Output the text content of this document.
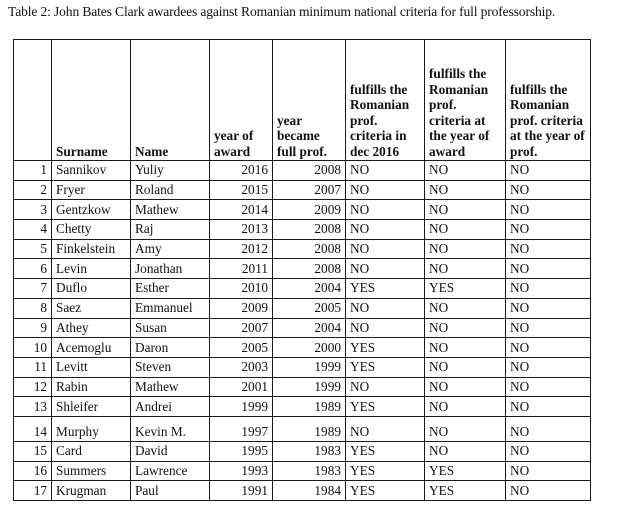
Table 2: John Bates Clark awardees against Romanian minimum national criteria for full professorship.
	Surname	Name	year of award	year became full prof.	fulfills the Romanian prof. criteria in dec 2016	fulfills the Romanian prof. criteria at the year of award	fulfills the Romanian prof. criteria at the year of prof.
1	Sannikov	Yuliy	2016	2008	NO	NO	NO
2	Fryer	Roland	2015	2007	NO	NO	NO
3	Gentzkow	Mathew	2014	2009	NO	NO	NO
4	Chetty	Raj	2013	2008	NO	NO	NO
5	Finkelstein	Amy	2012	2008	NO	NO	NO
6	Levin	Jonathan	2011	2008	NO	NO	NO
7	Duflo	Esther	2010	2004	YES	YES	NO
8	Saez	Emmanuel	2009	2005	NO	NO	NO
9	Athey	Susan	2007	2004	NO	NO	NO
10	Acemoglu	Daron	2005	2000	YES	NO	NO
11	Levitt	Steven	2003	1999	YES	NO	NO
12	Rabin	Mathew	2001	1999	NO	NO	NO
13	Shleifer	Andrei	1999	1989	YES	NO	NO
14	Murphy	Kevin M.	1997	1989	NO	NO	NO
15	Card	David	1995	1983	YES	NO	NO
16	Summers	Lawrence	1993	1983	YES	YES	NO
17	Krugman	Paul	1991	1984	YES	YES	NO
